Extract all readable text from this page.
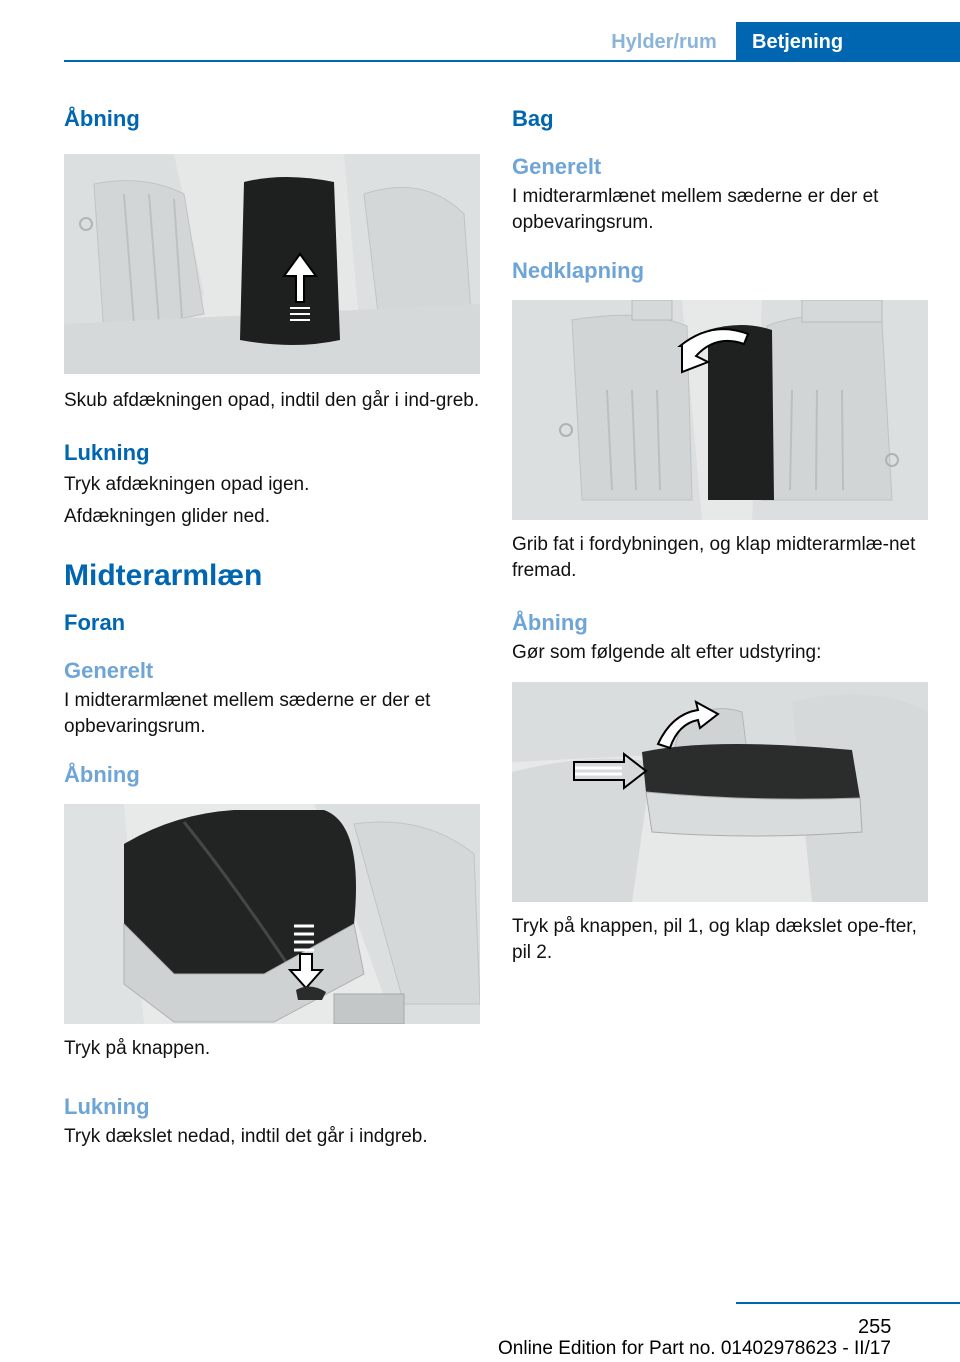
Hylder/rum	Betjening
Åbning
Skub afdækningen opad, indtil den går i ind-greb.
Lukning
Tryk afdækningen opad igen.
Afdækningen glider ned.
Midterarmlæn
Foran
Generelt
I midterarmlænet mellem sæderne er der et opbevaringsrum.
Åbning
Tryk på knappen.
Lukning
Tryk dækslet nedad, indtil det går i indgreb.
Bag
Generelt
I midterarmlænet mellem sæderne er der et opbevaringsrum.
Nedklapning
Grib fat i fordybningen, og klap midterarmlæ-net fremad.
Åbning
Gør som følgende alt efter udstyring:
Tryk på knappen, pil 1, og klap dækslet ope-fter, pil 2.
255
Online Edition for Part no. 01402978623 - II/17
